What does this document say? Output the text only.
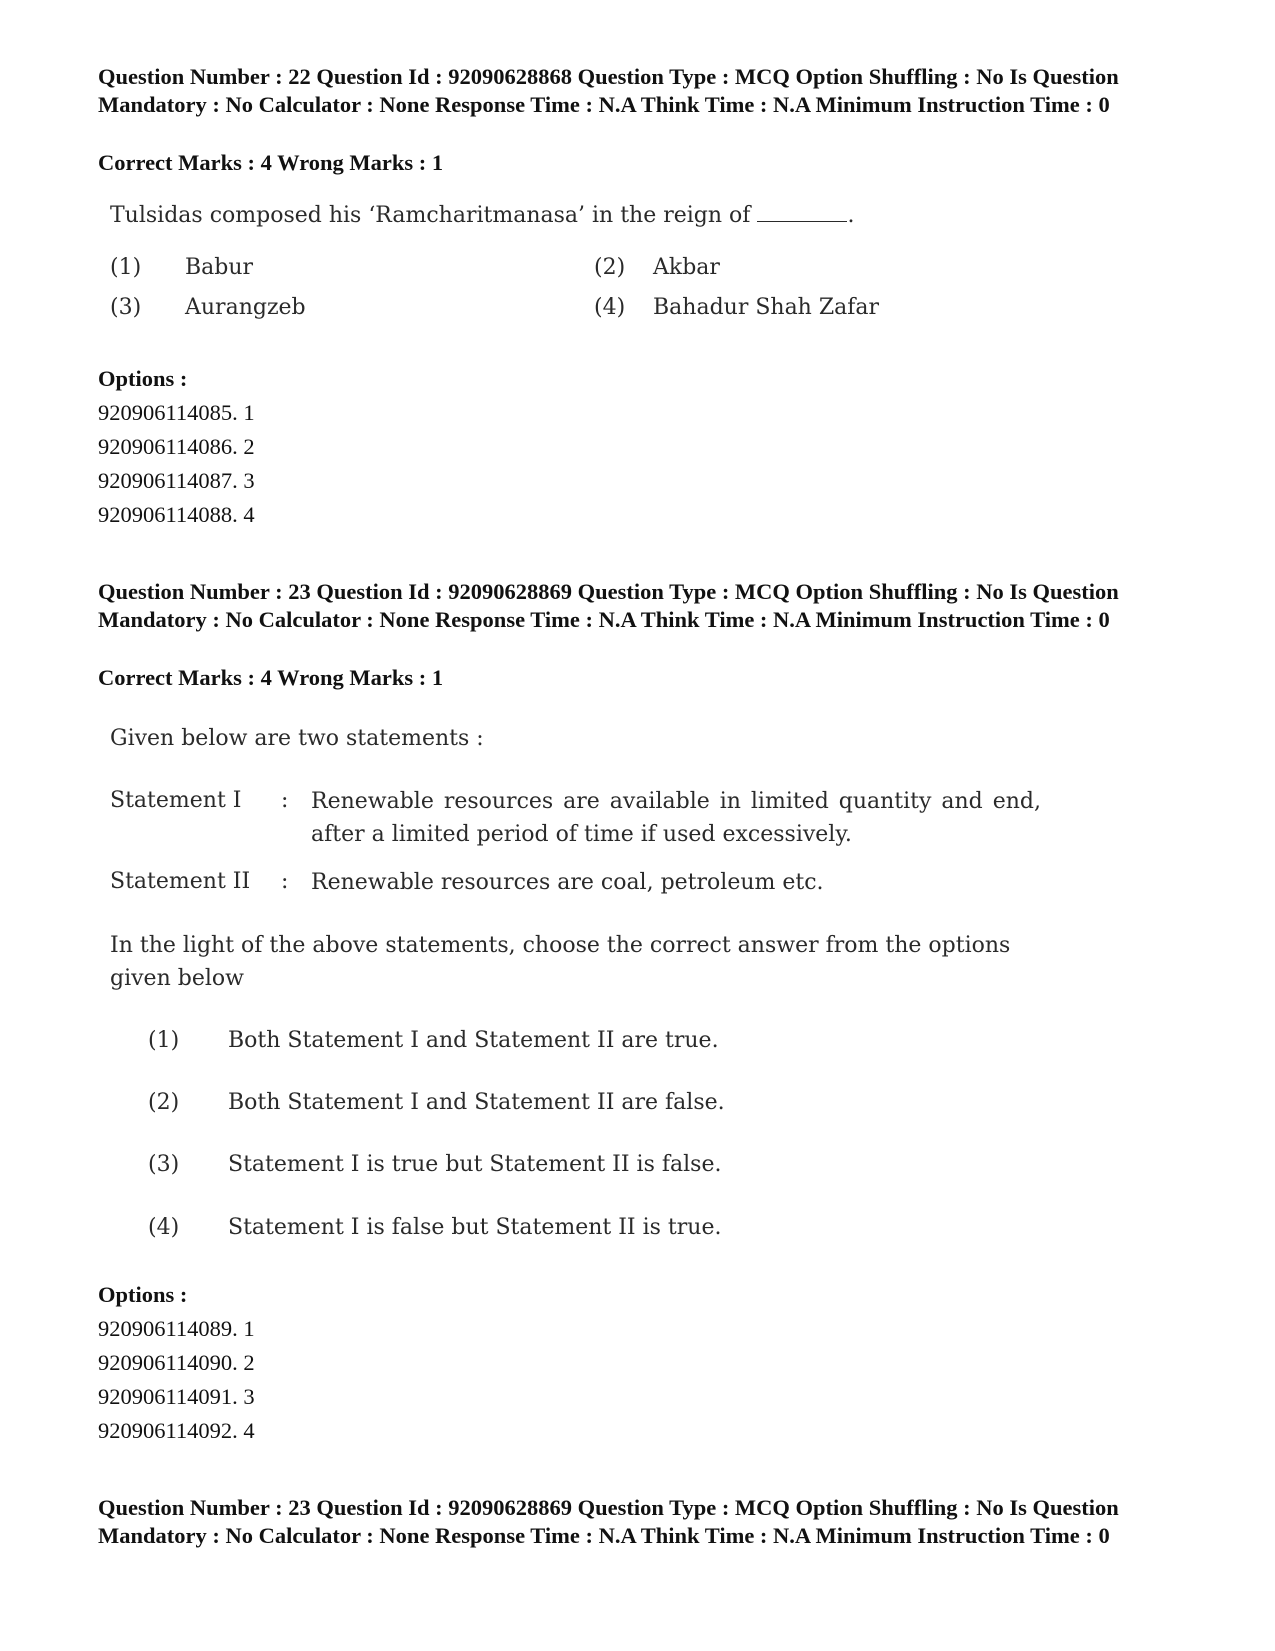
Question Number : 22 Question Id : 92090628868 Question Type : MCQ Option Shuffling : No Is Question Mandatory : No Calculator : None Response Time : N.A Think Time : N.A Minimum Instruction Time : 0

Correct Marks : 4 Wrong Marks : 1

Tulsidas composed his ‘Ramcharitmanasa’ in the reign of	.
(1) Babur	(2) Akbar
(3) Aurangzeb	(4) Bahadur Shah Zafar
Options :
920906114085. 1
920906114086. 2
920906114087. 3
920906114088. 4

Question Number : 23 Question Id : 92090628869 Question Type : MCQ Option Shuffling : No Is Question Mandatory : No Calculator : None Response Time : N.A Think Time : N.A Minimum Instruction Time : 0

Correct Marks : 4 Wrong Marks : 1

Given below are two statements :
Statement I : Renewable resources are available in limited quantity and end, after a limited period of time if used excessively.
Statement II : Renewable resources are coal, petroleum etc.
In the light of the above statements, choose the correct answer from the options given below
(1) Both Statement I and Statement II are true.
(2) Both Statement I and Statement II are false.
(3) Statement I is true but Statement II is false.
(4) Statement I is false but Statement II is true.
Options :
920906114089. 1
920906114090. 2
920906114091. 3
920906114092. 4

Question Number : 23 Question Id : 92090628869 Question Type : MCQ Option Shuffling : No Is Question Mandatory : No Calculator : None Response Time : N.A Think Time : N.A Minimum Instruction Time : 0
